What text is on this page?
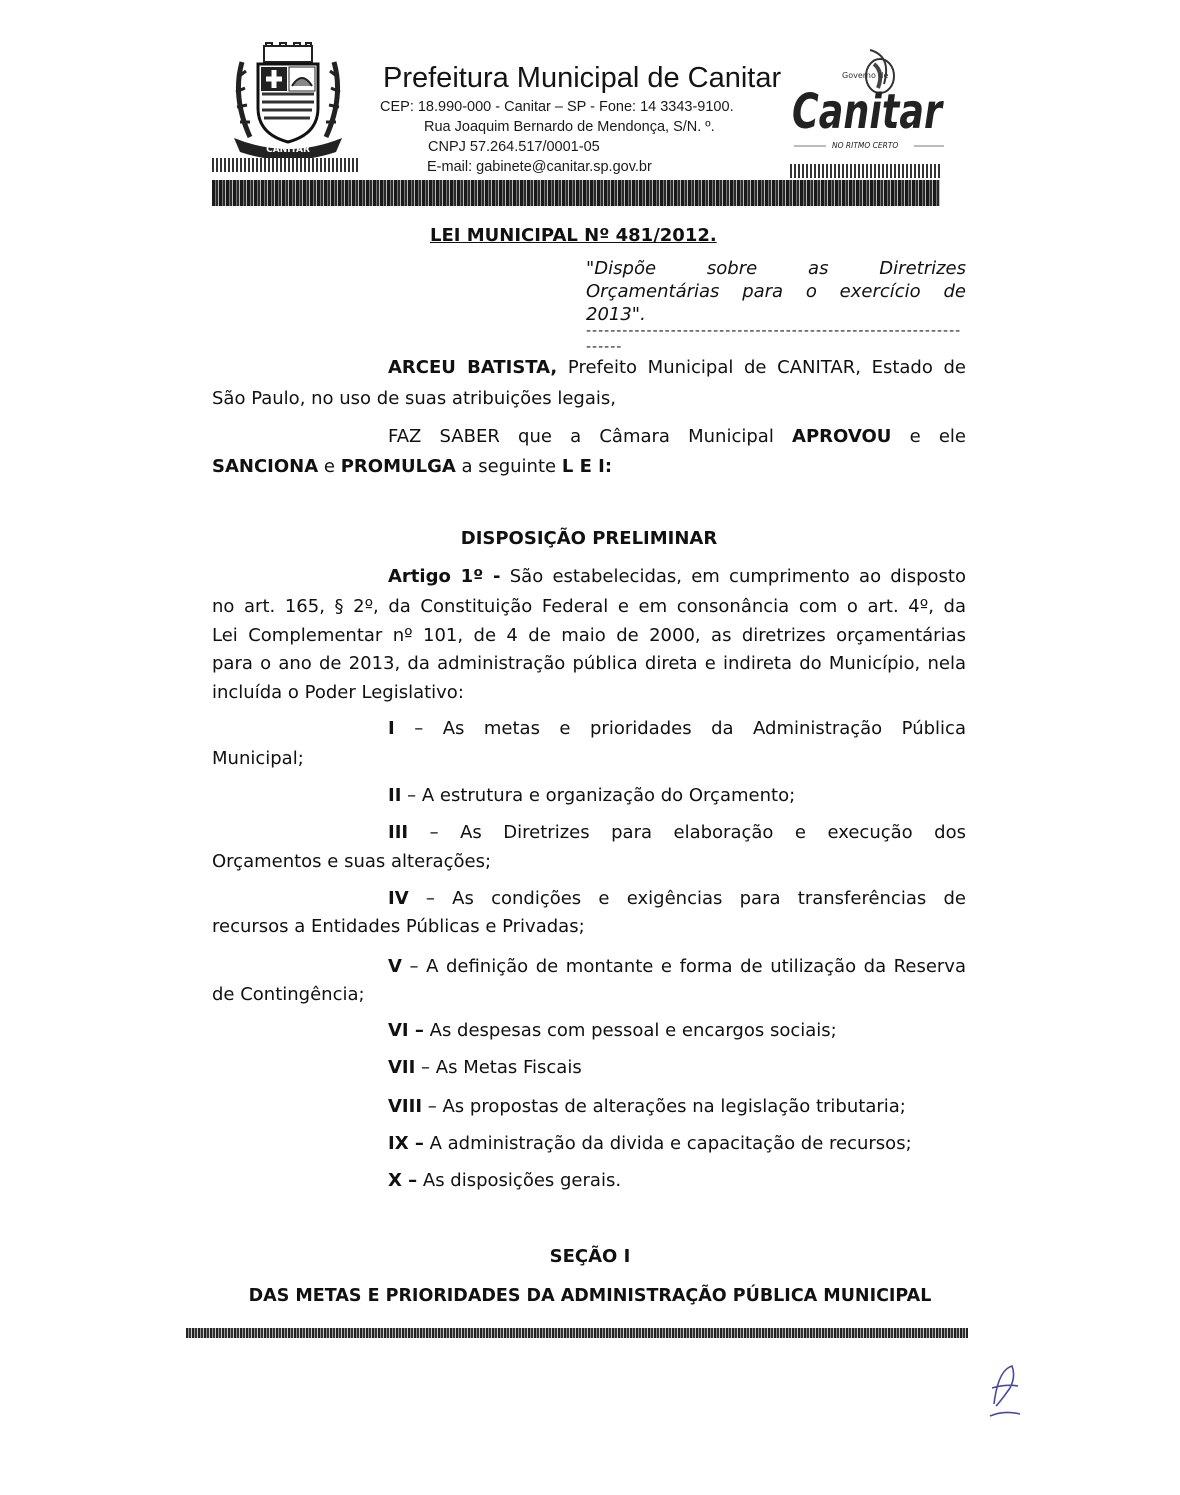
CANITAR
Prefeitura Municipal de Canitar
CEP: 18.990-000 - Canitar – SP - Fone: 14 3343-9100.
Rua Joaquim Bernardo de Mendonça, S/N. º.
CNPJ 57.264.517/0001-05
E-mail: gabinete@canitar.sp.gov.br
Governo de
Canitar
NO RITMO CERTO
LEI MUNICIPAL Nº 481/2012.
"Dispõe sobre as Diretrizes
Orçamentárias para o exercício de
2013".
--------------------------------------------------------------------
ARCEU BATISTA, Prefeito Municipal de CANITAR, Estado de
São Paulo, no uso de suas atribuições legais,
FAZ SABER que a Câmara Municipal APROVOU e ele
SANCIONA e PROMULGA a seguinte L E I:
DISPOSIÇÃO PRELIMINAR
Artigo 1º - São estabelecidas, em cumprimento ao disposto
no art. 165, § 2º, da Constituição Federal e em consonância com o art. 4º, da
Lei Complementar nº 101, de 4 de maio de 2000, as diretrizes orçamentárias
para o ano de 2013, da administração pública direta e indireta do Município, nela
incluída o Poder Legislativo:
I – As metas e prioridades da Administração Pública
Municipal;
II – A estrutura e organização do Orçamento;
III – As Diretrizes para elaboração e execução dos
Orçamentos e suas alterações;
IV – As condições e exigências para transferências de
recursos a Entidades Públicas e Privadas;
V – A definição de montante e forma de utilização da Reserva
de Contingência;
VI – As despesas com pessoal e encargos sociais;
VII – As Metas Fiscais
VIII – As propostas de alterações na legislação tributaria;
IX – A administração da divida e capacitação de recursos;
X – As disposições gerais.
SEÇÃO I
DAS METAS E PRIORIDADES DA ADMINISTRAÇÃO PÚBLICA MUNICIPAL
